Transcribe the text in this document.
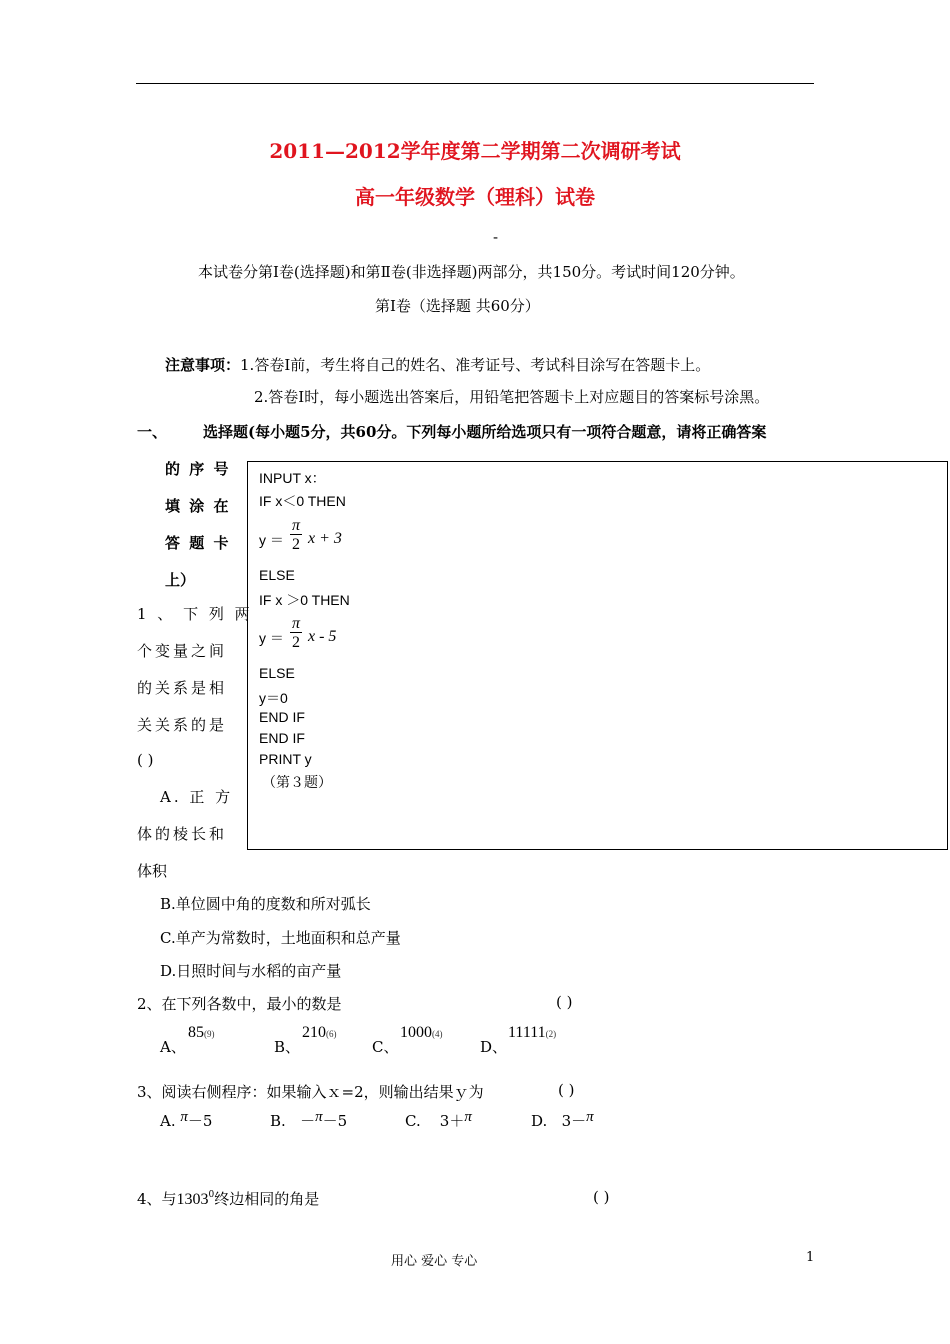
2011—2012学年度第二学期第二次调研考试
高一年级数学（理科）试卷
-
本试卷分第Ⅰ卷(选择题)和第Ⅱ卷(非选择题)两部分，共150分。考试时间120分钟。
第Ⅰ卷（选择题 共60分）
注意事项：1.答卷Ⅰ前，考生将自己的姓名、准考证号、考试科目涂写在答题卡上。
2.答卷Ⅰ时，每小题选出答案后，用铅笔把答题卡上对应题目的答案标号涂黑。
一、 选择题(每小题5分，共60分。下列每小题所给选项只有一项符合题意，请将正确答案
的 序 号
填 涂 在
答 题 卡
上）
1 、 下 列 两
个变量之间
的关系是相
关关系的是
( )
A. 正 方
体的棱长和
体积
B.单位圆中角的度数和所对弧长
C.单产为常数时，土地面积和总产量
D.日照时间与水稻的亩产量
INPUT x：
IF x＜0 THEN
y ＝
π
2 x + 3
ELSE
IF x ＞0 THEN
y ＝
π
2 x - 5
ELSE
y＝0
END IF
END IF
PRINT y
（第３题）
2、在下列各数中，最小的数是	( )
A、
85(9)
B、
210(6)
C、
1000(4)
D、
11111(2)
3、阅读右侧程序：如果输入ｘ=2，则输出结果ｙ为	( )
A. π－5	B. －π－5	C. 3＋π	D. 3－π
4、与1303$^0$终边相同的角是	( )
用心 爱心 专心	1
